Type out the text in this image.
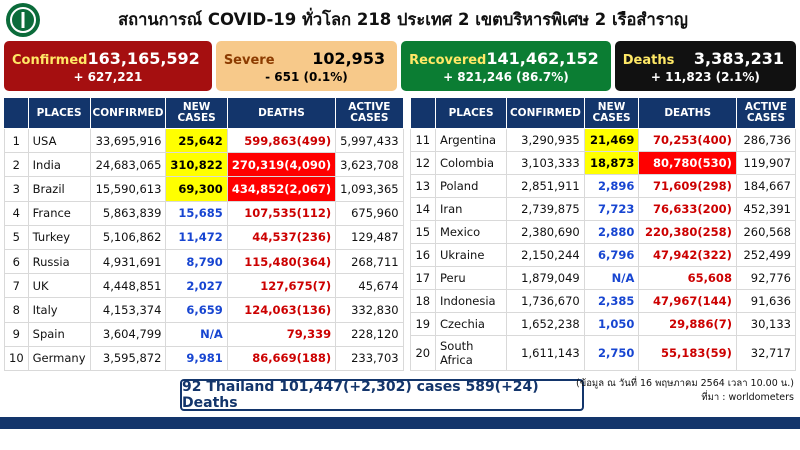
สถานการณ์ COVID-19 ทั่วโลก 218 ประเทศ 2 เขตบริหารพิเศษ 2 เรือสำราญ
Confirmed 163,165,592
+ 627,221
Severe 102,953
- 651 (0.1%)
Recovered 141,462,152
+ 821,246 (86.7%)
Deaths 3,383,231
+ 11,823 (2.1%)
	PLACES	CONFIRMED	NEW CASES	DEATHS	ACTIVE CASES
1	USA	33,695,916	25,642	599,863(499)	5,997,433
2	India	24,683,065	310,822	270,319(4,090)	3,623,708
3	Brazil	15,590,613	69,300	434,852(2,067)	1,093,365
4	France	5,863,839	15,685	107,535(112)	675,960
5	Turkey	5,106,862	11,472	44,537(236)	129,487
6	Russia	4,931,691	8,790	115,480(364)	268,711
7	UK	4,448,851	2,027	127,675(7)	45,674
8	Italy	4,153,374	6,659	124,063(136)	332,830
9	Spain	3,604,799	N/A	79,339	228,120
10	Germany	3,595,872	9,981	86,669(188)	233,703
	PLACES	CONFIRMED	NEW CASES	DEATHS	ACTIVE CASES
11	Argentina	3,290,935	21,469	70,253(400)	286,736
12	Colombia	3,103,333	18,873	80,780(530)	119,907
13	Poland	2,851,911	2,896	71,609(298)	184,667
14	Iran	2,739,875	7,723	76,633(200)	452,391
15	Mexico	2,380,690	2,880	220,380(258)	260,568
16	Ukraine	2,150,244	6,796	47,942(322)	252,499
17	Peru	1,879,049	N/A	65,608	92,776
18	Indonesia	1,736,670	2,385	47,967(144)	91,636
19	Czechia	1,652,238	1,050	29,886(7)	30,133
20	South Africa	1,611,143	2,750	55,183(59)	32,717
92 Thailand 101,447(+2,302) cases 589(+24) Deaths
(ข้อมูล ณ วันที่ 16 พฤษภาคม 2564 เวลา 10.00 น.)
ที่มา : worldometers
